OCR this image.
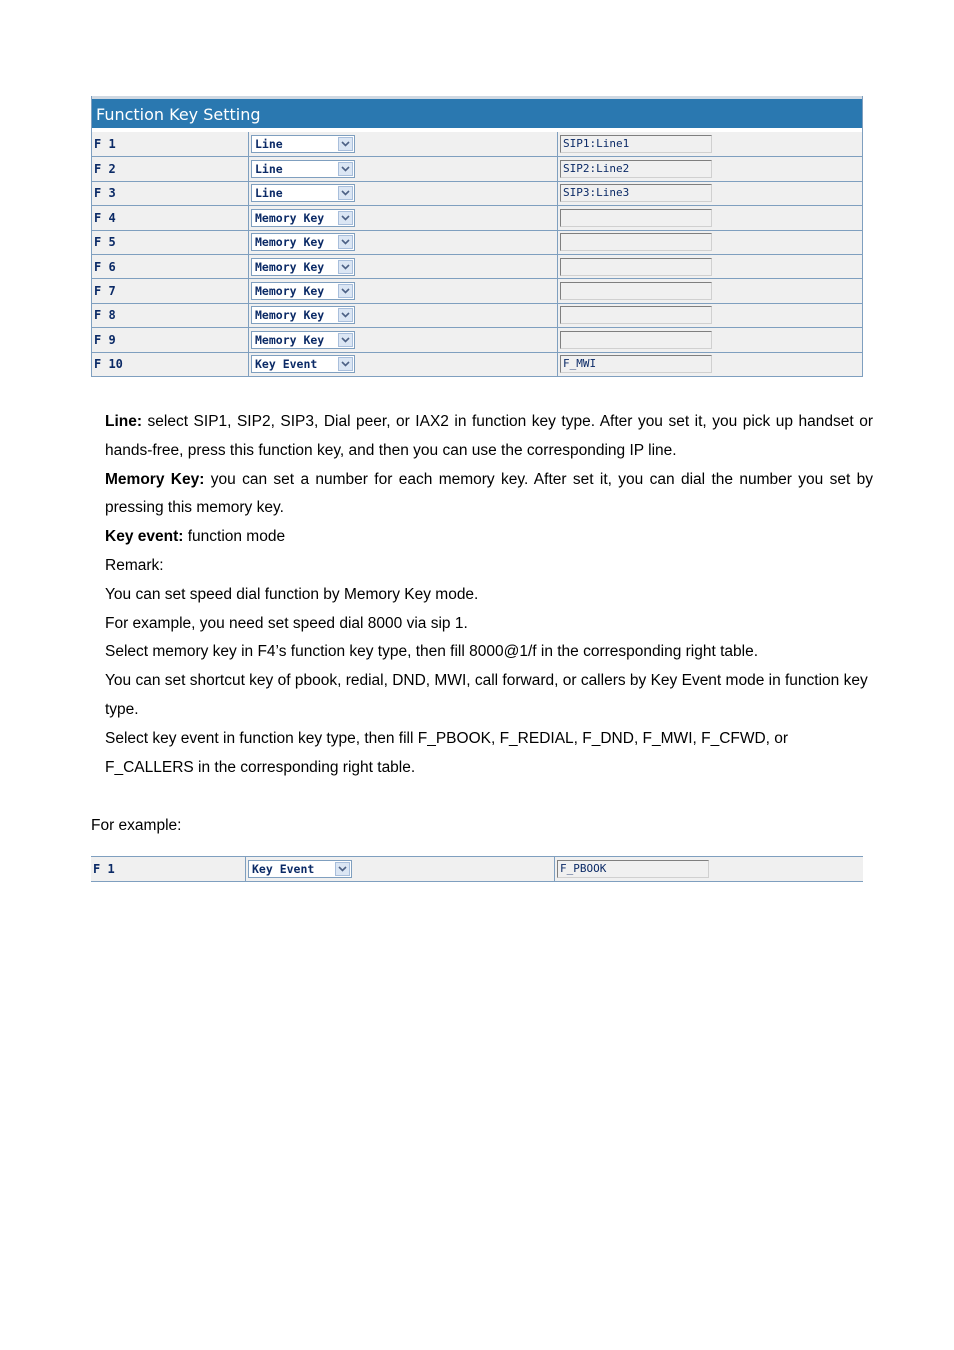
Function Key Setting
F 1	Line	SIP1:Line1
F 2	Line	SIP2:Line2
F 3	Line	SIP3:Line3
F 4	Memory Key
F 5	Memory Key
F 6	Memory Key
F 7	Memory Key
F 8	Memory Key
F 9	Memory Key
F 10	Key Event	F_MWI

Line: select SIP1, SIP2, SIP3, Dial peer, or IAX2 in function key type. After you set it, you pick up handset or hands-free, press this function key, and then you can use the corresponding IP line.

Memory Key: you can set a number for each memory key. After set it, you can dial the number you set by pressing this memory key.

Key event: function mode

Remark:

You can set speed dial function by Memory Key mode.

For example, you need set speed dial 8000 via sip 1.

Select memory key in F4’s function key type, then fill 8000@1/f in the corresponding right table.

You can set shortcut key of pbook, redial, DND, MWI, call forward, or callers by Key Event mode in function key type.

Select key event in function key type, then fill F_PBOOK, F_REDIAL, F_DND, F_MWI, F_CFWD, or F_CALLERS in the corresponding right table.

For example:
F 1	Key Event	F_PBOOK
